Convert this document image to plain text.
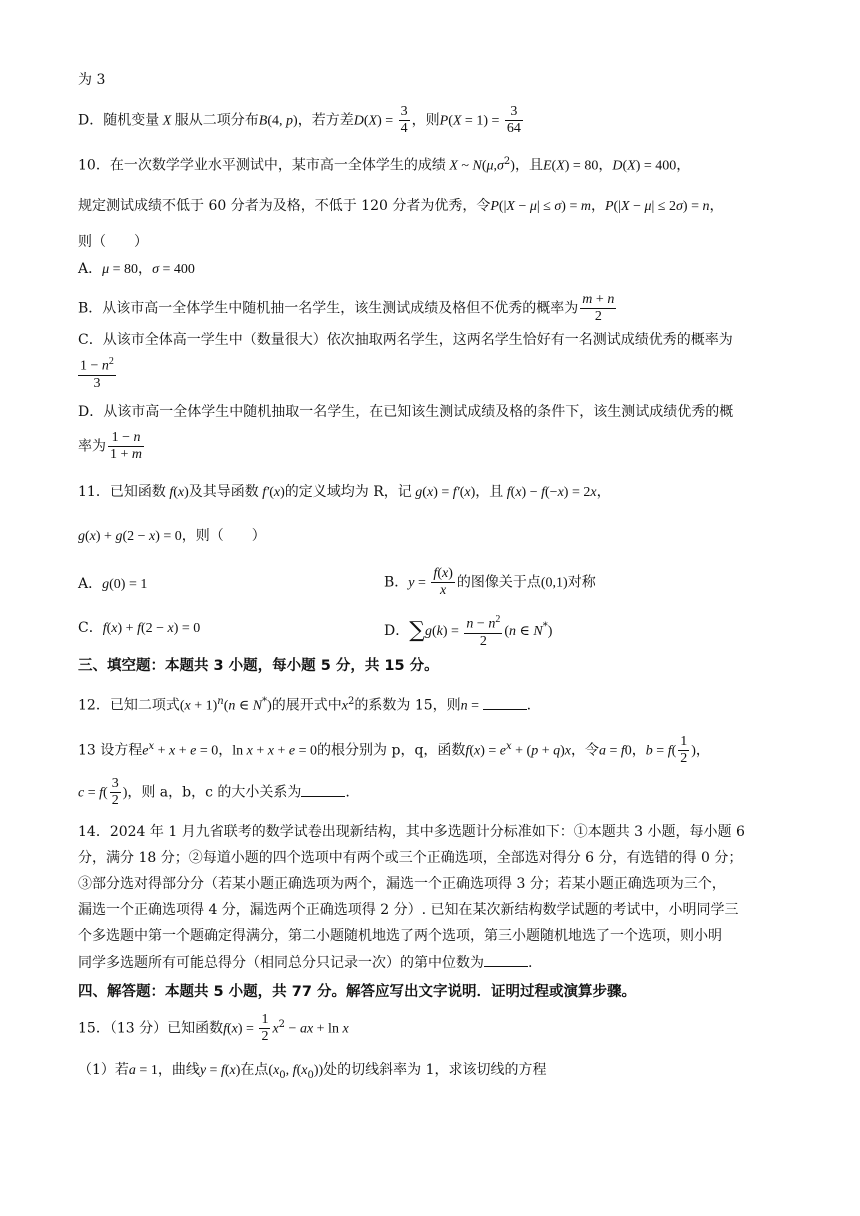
为 3
D．随机变量 X 服从二项分布B(4, p)，若方差$D(X) = \frac{3}{4}$ ，则$P(X = 1) = \frac{3}{64}$
10．在一次数学学业水平测试中，某市高一全体学生的成绩 X ~ $N(\mu,\sigma^2)$，且E(X) = 80，D(X) = 400，
规定测试成绩不低于 60 分者为及格，不低于 120 分者为优秀，令P(|X − μ| ≤ σ) = m，P(|X − μ| ≤ 2σ) = n，
则（　　）
A．μ = 80，σ = 400
B．从该市高一全体学生中随机抽一名学生，该生测试成绩及格但不优秀的概率为 $\frac{m + n}{2}$
C．从该市全体高一学生中（数量很大）依次抽取两名学生，这两名学生恰好有一名测试成绩优秀的概率为
$\frac{1 - n^2}{3}$
D．从该市高一全体学生中随机抽取一名学生，在已知该生测试成绩及格的条件下，该生测试成绩优秀的概
率为 $\frac{1 - n}{1 + m}$
11．已知函数 f(x)及其导函数 f′(x)的定义域均为 R，记 g(x) = f′(x)，且 f(x) − f(−x) = 2x，
g(x) + g(2 − x) = 0，则（　　）
A．g(0) = 1	B．$y = \frac{f(x)}{x}$ 的图像关于点(0,1)对称
C．f(x) + f(2 − x) = 0	D．$\sum g(k) = \frac{n - n^2}{2} (n$ ∈ N*)
三、填空题：本题共 3 小题，每小题 5 分，共 15 分。
12．已知二项式$(x + 1)^n(n$ ∈ N*)的展开式中$x^2$的系数为 15，则n =	.
13 设方程$e^x + x + e = 0$，ln x + x + e = 0的根分别为 p，q，函数$f(x) = e^x + (p + q)x$，令a = f0，$b = f( \frac{1}{2}$ )，
$c = f( \frac{3}{2}$ )，则 a，b，c 的大小关系为	.
14．2024 年 1 月九省联考的数学试卷出现新结构，其中多选题计分标准如下：①本题共 3 小题，每小题 6
分，满分 18 分；②每道小题的四个选项中有两个或三个正确选项，全部选对得分 6 分，有选错的得 0 分；
③部分选对得部分分（若某小题正确选项为两个，漏选一个正确选项得 3 分；若某小题正确选项为三个，
漏选一个正确选项得 4 分，漏选两个正确选项得 2 分）. 已知在某次新结构数学试题的考试中，小明同学三
个多选题中第一个题确定得满分，第二小题随机地选了两个选项，第三小题随机地选了一个选项，则小明
同学多选题所有可能总得分（相同总分只记录一次）的第中位数为	.
四、解答题：本题共 5 小题，共 77 分。解答应写出文字说明．证明过程或演算步骤。
15．（13 分）已知函数$f(x) = \frac{1}{2} x^2$ − ax + ln x
（1）若a = 1，曲线y = f(x)在点($x_0$, $f(x_0)$)处的切线斜率为 1，求该切线的方程
